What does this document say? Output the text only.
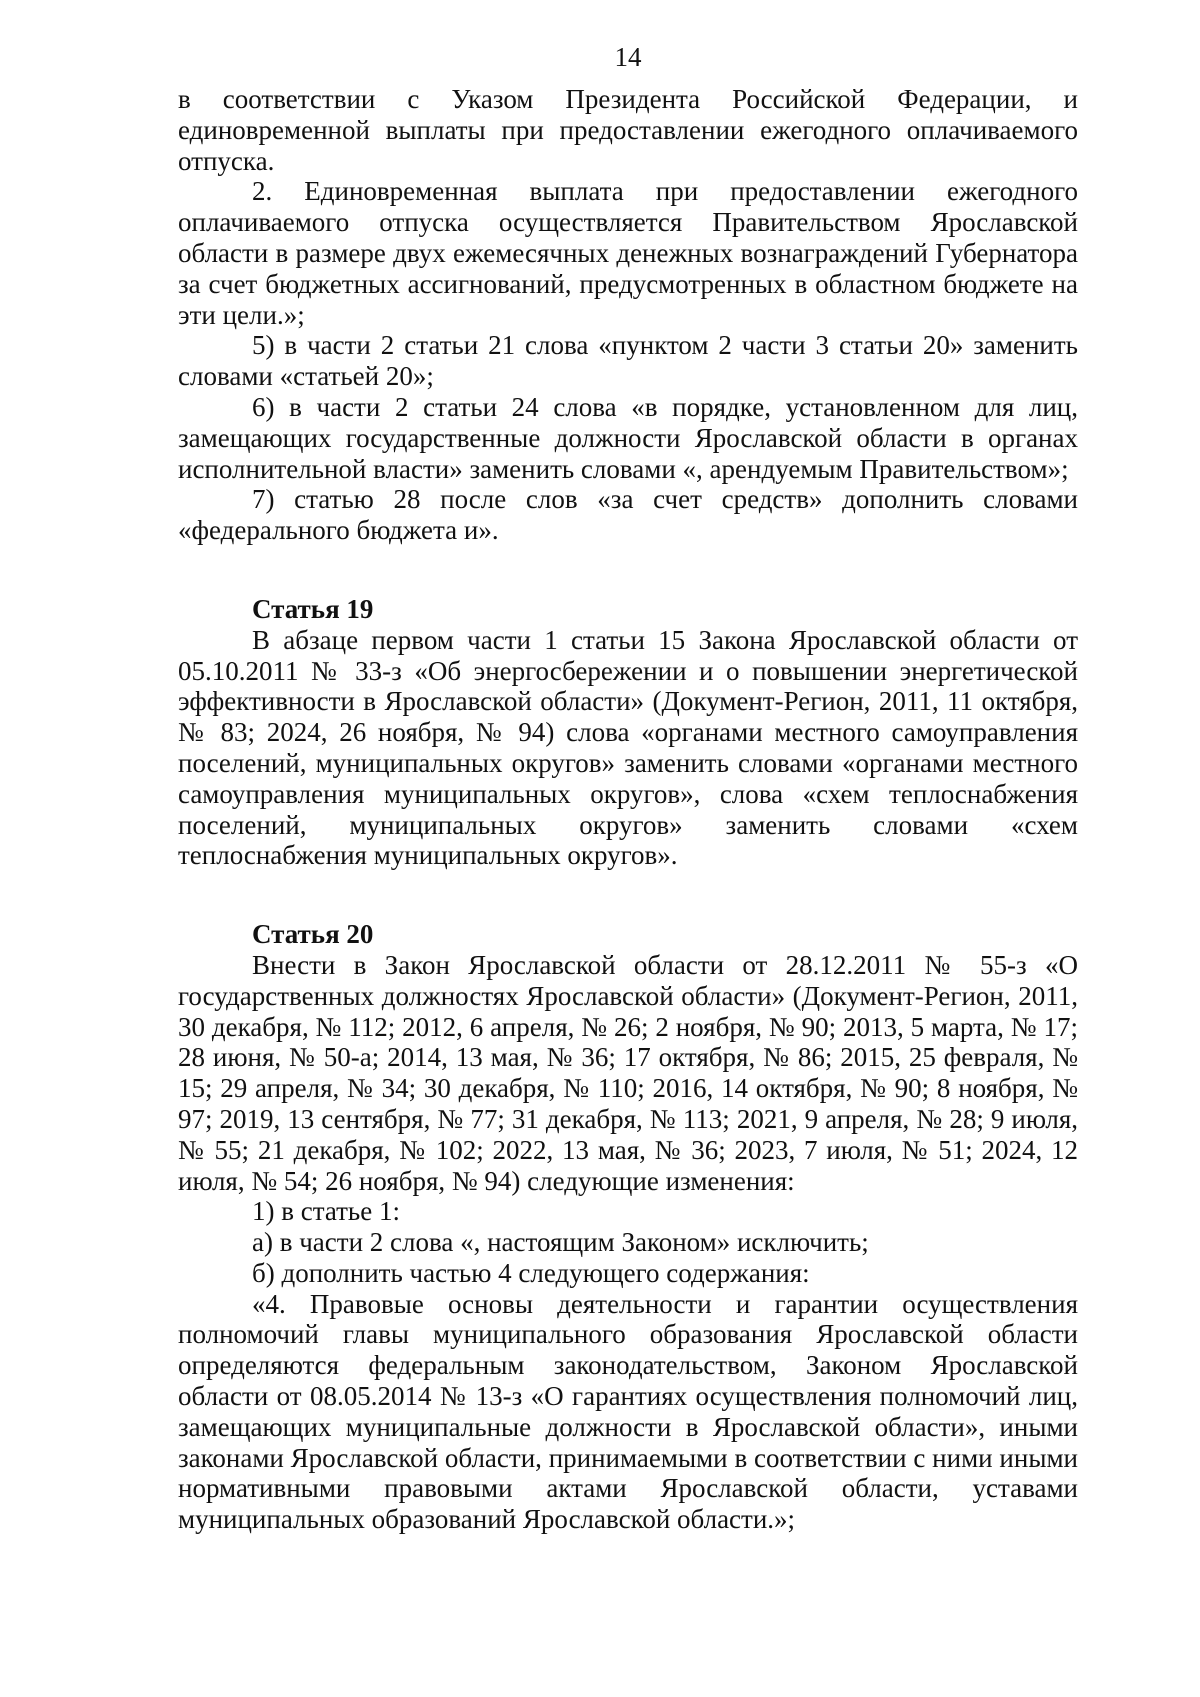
14

в соответствии с Указом Президента Российской Федерации, и единовременной выплаты при предоставлении ежегодного оплачиваемого отпуска.

2. Единовременная выплата при предоставлении ежегодного оплачиваемого отпуска осуществляется Правительством Ярославской области в размере двух ежемесячных денежных вознаграждений Губернатора за счет бюджетных ассигнований, предусмотренных в областном бюджете на эти цели.»;

5) в части 2 статьи 21 слова «пунктом 2 части 3 статьи 20» заменить словами «статьей 20»;

6) в части 2 статьи 24 слова «в порядке, установленном для лиц, замещающих государственные должности Ярославской области в органах исполнительной власти» заменить словами «, арендуемым Правительством»;

7) статью 28 после слов «за счет средств» дополнить словами «федерального бюджета и».

Статья 19

В абзаце первом части 1 статьи 15 Закона Ярославской области от 05.10.2011 № 33-з «Об энергосбережении и о повышении энергетической эффективности в Ярославской области» (Документ-Регион, 2011, 11 октября, № 83; 2024, 26 ноября, № 94) слова «органами местного самоуправления поселений, муниципальных округов» заменить словами «органами местного самоуправления муниципальных округов», слова «схем теплоснабжения поселений, муниципальных округов» заменить словами «схем теплоснабжения муниципальных округов».

Статья 20

Внести в Закон Ярославской области от 28.12.2011 № 55-з «О государственных должностях Ярославской области» (Документ-Регион, 2011, 30 декабря, № 112; 2012, 6 апреля, № 26; 2 ноября, № 90; 2013, 5 марта, № 17; 28 июня, № 50-а; 2014, 13 мая, № 36; 17 октября, № 86; 2015, 25 февраля, № 15; 29 апреля, № 34; 30 декабря, № 110; 2016, 14 октября, № 90; 8 ноября, № 97; 2019, 13 сентября, № 77; 31 декабря, № 113; 2021, 9 апреля, № 28; 9 июля, № 55; 21 декабря, № 102; 2022, 13 мая, № 36; 2023, 7 июля, № 51; 2024, 12 июля, № 54; 26 ноября, № 94) следующие изменения:

1) в статье 1:

а) в части 2 слова «, настоящим Законом» исключить;

б) дополнить частью 4 следующего содержания:

«4. Правовые основы деятельности и гарантии осуществления полномочий главы муниципального образования Ярославской области определяются федеральным законодательством, Законом Ярославской области от 08.05.2014 № 13-з «О гарантиях осуществления полномочий лиц, замещающих муниципальные должности в Ярославской области», иными законами Ярославской области, принимаемыми в соответствии с ними иными нормативными правовыми актами Ярославской области, уставами муниципальных образований Ярославской области.»;
